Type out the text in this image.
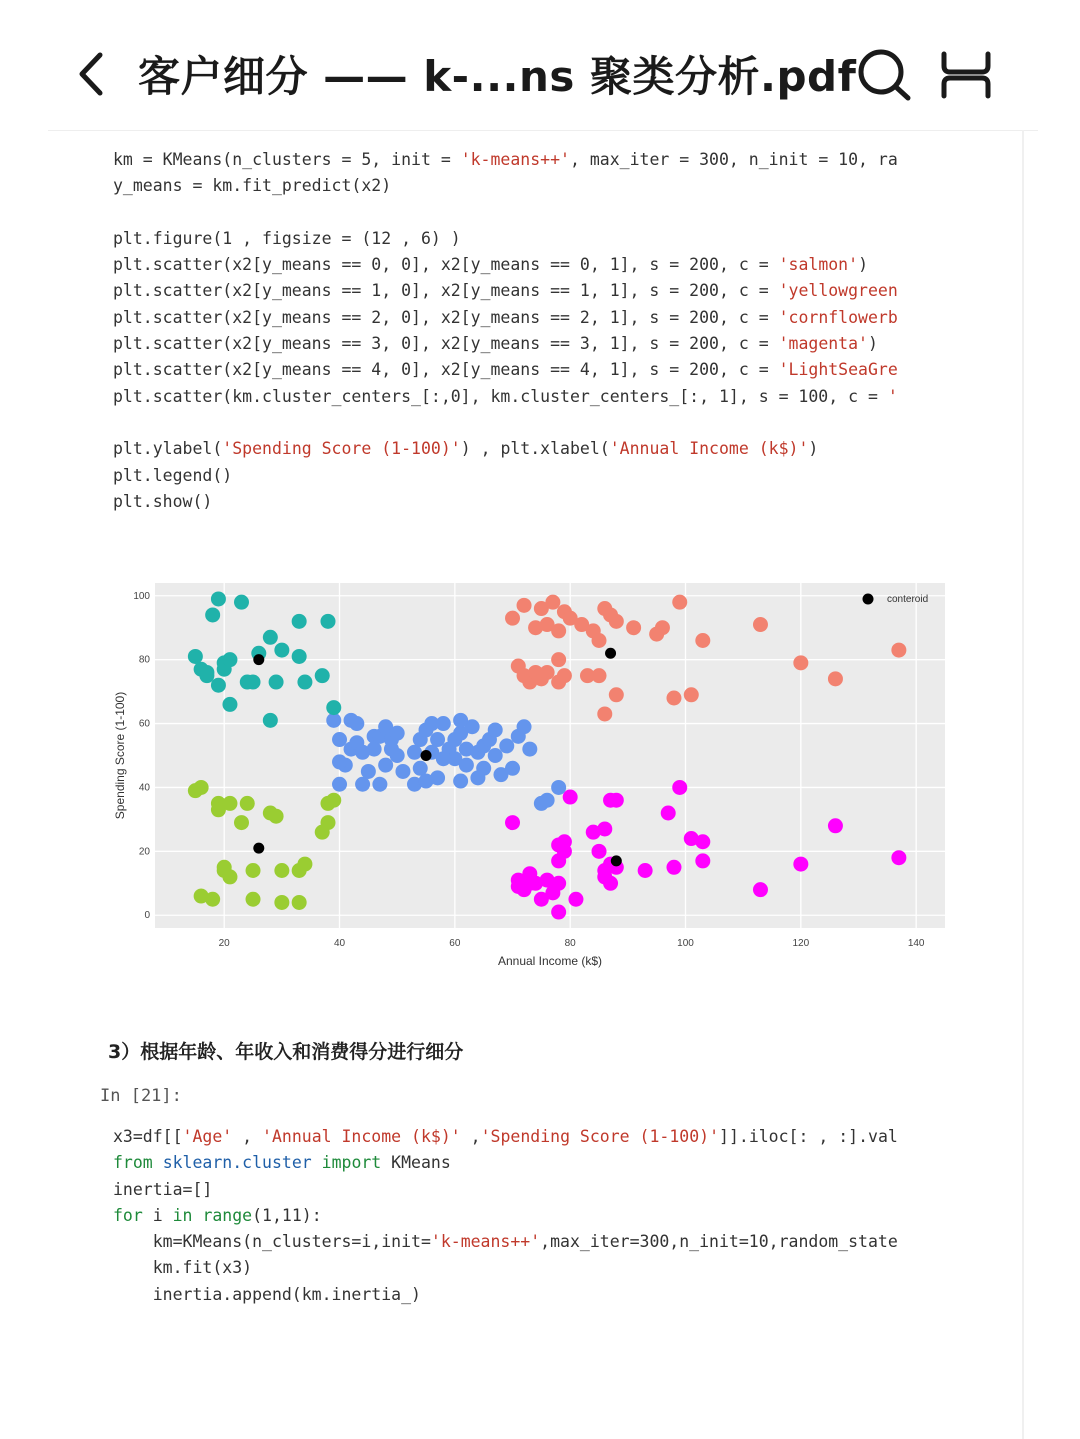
客户细分 —— k-...ns 聚类分析.pdf
km = KMeans(n_clusters = 5, init = 'k-means++', max_iter = 300, n_init = 10, ra
y_means = km.fit_predict(x2)

plt.figure(1 , figsize = (12 , 6) )
plt.scatter(x2[y_means == 0, 0], x2[y_means == 0, 1], s = 200, c = 'salmon')
plt.scatter(x2[y_means == 1, 0], x2[y_means == 1, 1], s = 200, c = 'yellowgreen
plt.scatter(x2[y_means == 2, 0], x2[y_means == 2, 1], s = 200, c = 'cornflowerb
plt.scatter(x2[y_means == 3, 0], x2[y_means == 3, 1], s = 200, c = 'magenta')
plt.scatter(x2[y_means == 4, 0], x2[y_means == 4, 1], s = 200, c = 'LightSeaGre
plt.scatter(km.cluster_centers_[:,0], km.cluster_centers_[:, 1], s = 100, c = '

plt.ylabel('Spending Score (1-100)') , plt.xlabel('Annual Income (k$)')
plt.legend()
plt.show()
20	40	60	80	100	120	140
0
20
40
60
80
100
Annual Income (k$)
Spending Score (1-100)
conteroid
3）根据年龄、年收入和消费得分进行细分
In [21]:
x3=df[['Age' , 'Annual Income (k$)' ,'Spending Score (1-100)']].iloc[: , :].val
from sklearn.cluster import KMeans
inertia=[]
for i in range(1,11):
km=KMeans(n_clusters=i,init='k-means++',max_iter=300,n_init=10,random_state
km.fit(x3)
inertia.append(km.inertia_)
